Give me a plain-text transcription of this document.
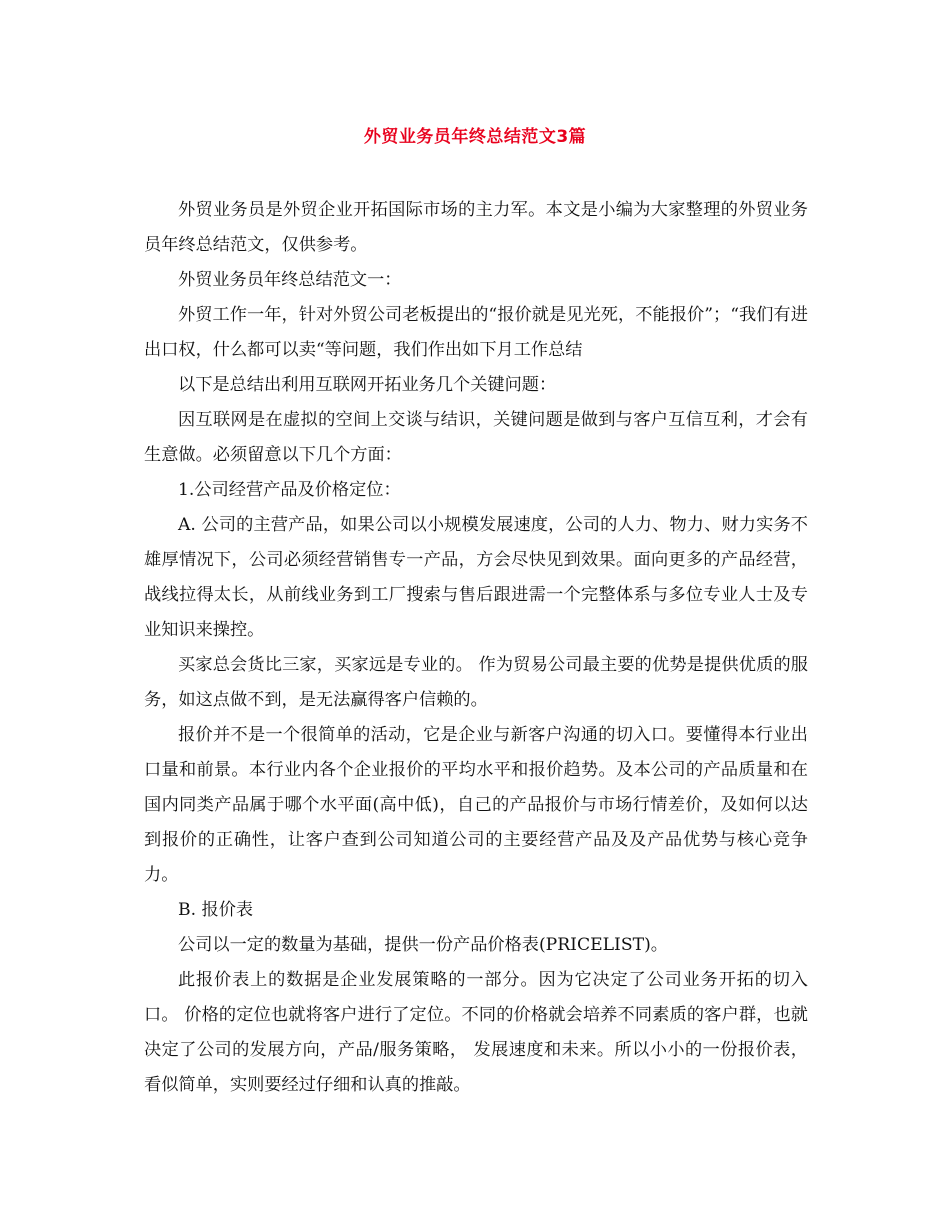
外贸业务员年终总结范文3篇

外贸业务员是外贸企业开拓国际市场的主力军。本文是小编为大家整理的外贸业务员年终总结范文，仅供参考。

外贸业务员年终总结范文一：

外贸工作一年，针对外贸公司老板提出的“报价就是见光死，不能报价”；“我们有进出口权，什么都可以卖“等问题，我们作出如下月工作总结

以下是总结出利用互联网开拓业务几个关键问题：

因互联网是在虚拟的空间上交谈与结识，关键问题是做到与客户互信互利，才会有生意做。必须留意以下几个方面：

1.公司经营产品及价格定位：

A. 公司的主营产品，如果公司以小规模发展速度，公司的人力、物力、财力实务不雄厚情况下，公司必须经营销售专一产品，方会尽快见到效果。面向更多的产品经营，战线拉得太长，从前线业务到工厂搜索与售后跟进需一个完整体系与多位专业人士及专业知识来操控。

买家总会货比三家，买家远是专业的。 作为贸易公司最主要的优势是提供优质的服务，如这点做不到，是无法赢得客户信赖的。

报价并不是一个很简单的活动，它是企业与新客户沟通的切入口。要懂得本行业出口量和前景。本行业内各个企业报价的平均水平和报价趋势。及本公司的产品质量和在国内同类产品属于哪个水平面(高中低)，自己的产品报价与市场行情差价，及如何以达到报价的正确性，让客户查到公司知道公司的主要经营产品及及产品优势与核心竞争力。

B. 报价表

公司以一定的数量为基础，提供一份产品价格表(PRICELIST)。

此报价表上的数据是企业发展策略的一部分。因为它决定了公司业务开拓的切入口。 价格的定位也就将客户进行了定位。不同的价格就会培养不同素质的客户群，也就决定了公司的发展方向，产品/服务策略， 发展速度和未来。所以小小的一份报价表，看似简单，实则要经过仔细和认真的推敲。
